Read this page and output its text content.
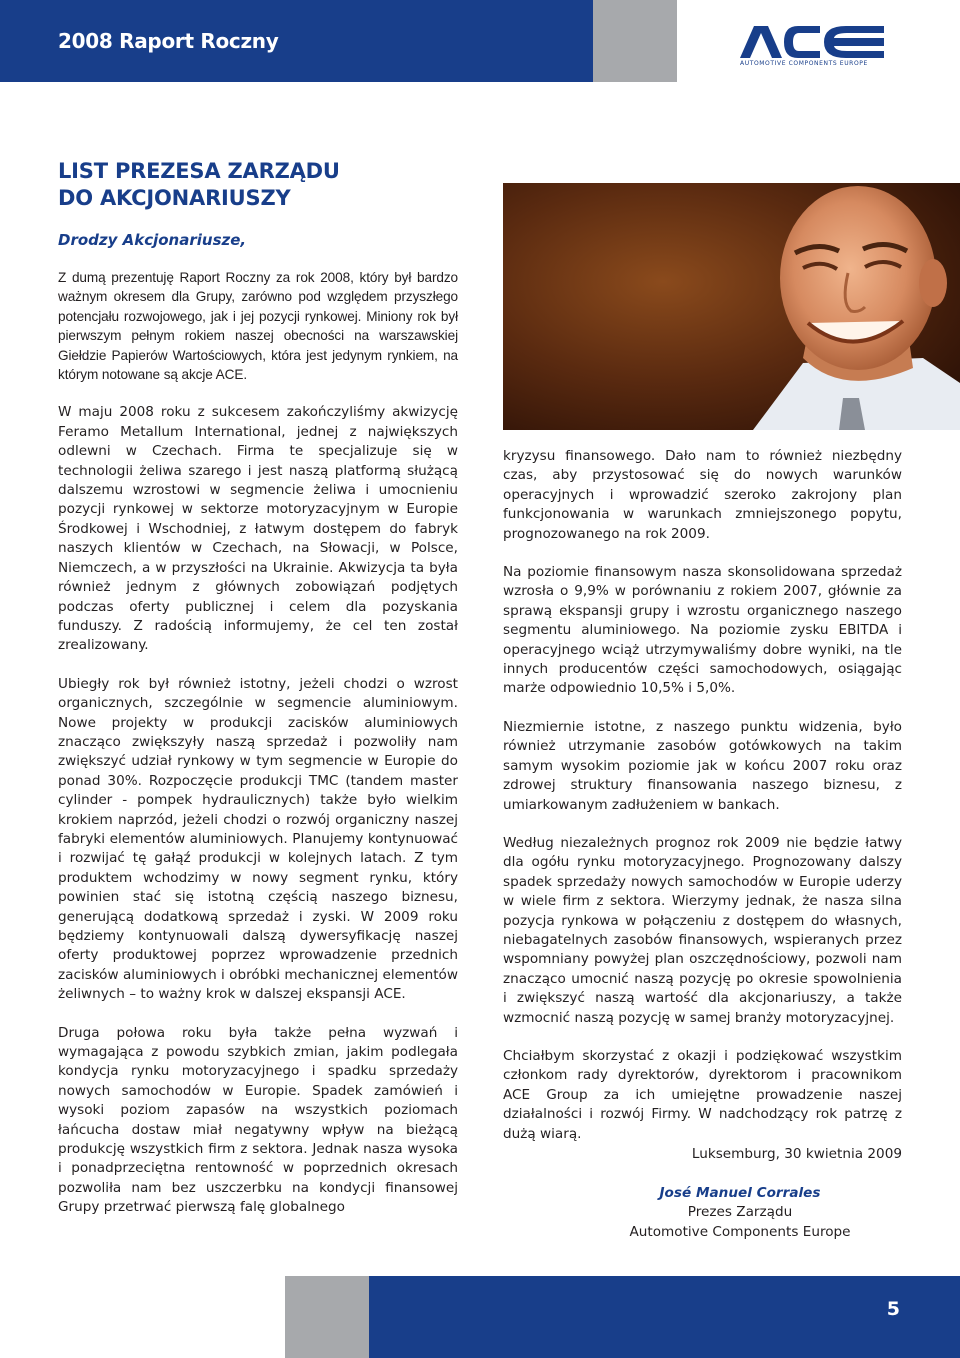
2008 Raport Roczny
AUTOMOTIVE COMPONENTS EUROPE
LIST PREZESA ZARZĄDU
DO AKCJONARIUSZY
Drodzy Akcjonariusze,

Z dumą prezentuję Raport Roczny za rok 2008, który był bardzo ważnym okresem dla Grupy, zarówno pod względem przyszłego potencjału rozwojowego, jak i jej pozycji rynkowej. Miniony rok był pierwszym pełnym rokiem naszej obecności na warszawskiej Giełdzie Papierów Wartościowych, która jest jedynym rynkiem, na którym notowane są akcje ACE.

W maju 2008 roku z sukcesem zakończyliśmy akwizycję Feramo Metallum International, jednej z największych odlewni w Czechach. Firma te specjalizuje się w technologii żeliwa szarego i jest naszą platformą służącą dalszemu wzrostowi w segmencie żeliwa i umocnieniu pozycji rynkowej w sektorze motoryzacyjnym w Europie Środkowej i Wschodniej, z łatwym dostępem do fabryk naszych klientów w Czechach, na Słowacji, w Polsce, Niemczech, a w przyszłości na Ukrainie. Akwizycja ta była również jednym z głównych zobowiązań podjętych podczas oferty publicznej i celem dla pozyskania funduszy. Z radością informujemy, że cel ten został zrealizowany.

Ubiegły rok był również istotny, jeżeli chodzi o wzrost organicznych, szczególnie w segmencie aluminiowym. Nowe projekty w produkcji zacisków aluminiowych znacząco zwiększyły naszą sprzedaż i pozwoliły nam zwiększyć udział rynkowy w tym segmencie w Europie do ponad 30%. Rozpoczęcie produkcji TMC (tandem master cylinder - pompek hydraulicznych) także było wielkim krokiem naprzód, jeżeli chodzi o rozwój organiczny naszej fabryki elementów aluminiowych. Planujemy kontynuować i rozwijać tę gałąź produkcji w kolejnych latach. Z tym produktem wchodzimy w nowy segment rynku, który powinien stać się istotną częścią naszego biznesu, generującą dodatkową sprzedaż i zyski. W 2009 roku będziemy kontynuowali dalszą dywersyfikację naszej oferty produktowej poprzez wprowadzenie przednich zacisków aluminiowych i obróbki mechanicznej elementów żeliwnych – to ważny krok w dalszej ekspansji ACE.

Druga połowa roku była także pełna wyzwań i wymagająca z powodu szybkich zmian, jakim podlegała kondycja rynku motoryzacyjnego i spadku sprzedaży nowych samochodów w Europie. Spadek zamówień i wysoki poziom zapasów na wszystkich poziomach łańcucha dostaw miał negatywny wpływ na bieżącą produkcję wszystkich firm z sektora. Jednak nasza wysoka i ponadprzeciętna rentowność w poprzednich okresach pozwoliła nam bez uszczerbku na kondycji finansowej Grupy przetrwać pierwszą falę globalnego

kryzysu finansowego. Dało nam to również niezbędny czas, aby przystosować się do nowych warunków operacyjnych i wprowadzić szeroko zakrojony plan funkcjonowania w warunkach zmniejszonego popytu, prognozowanego na rok 2009.

Na poziomie finansowym nasza skonsolidowana sprzedaż wzrosła o 9,9% w porównaniu z rokiem 2007, głównie za sprawą ekspansji grupy i wzrostu organicznego naszego segmentu aluminiowego. Na poziomie zysku EBITDA i operacyjnego wciąż utrzymywaliśmy dobre wyniki, na tle innych producentów części samochodowych, osiągając marże odpowiednio 10,5% i 5,0%.

Niezmiernie istotne, z naszego punktu widzenia, było również utrzymanie zasobów gotówkowych na takim samym wysokim poziomie jak w końcu 2007 roku oraz zdrowej struktury finansowania naszego biznesu, z umiarkowanym zadłużeniem w bankach.

Według niezależnych prognoz rok 2009 nie będzie łatwy dla ogółu rynku motoryzacyjnego. Prognozowany dalszy spadek sprzedaży nowych samochodów w Europie uderzy w wiele firm z sektora. Wierzymy jednak, że nasza silna pozycja rynkowa w połączeniu z dostępem do własnych, niebagatelnych zasobów finansowych, wspieranych przez wspomniany powyżej plan oszczędnościowy, pozwoli nam znacząco umocnić naszą pozycję po okresie spowolnienia i zwiększyć naszą wartość dla akcjonariuszy, a także wzmocnić naszą pozycję w samej branży motoryzacyjnej.

Chciałbym skorzystać z okazji i podziękować wszystkim członkom rady dyrektorów, dyrektorom i pracownikom ACE Group za ich umiejętne prowadzenie naszej działalności i rozwój Firmy. W nadchodzący rok patrzę z dużą wiarą.

Luksemburg, 30 kwietnia 2009
José Manuel Corrales
Prezes Zarządu
Automotive Components Europe
5
